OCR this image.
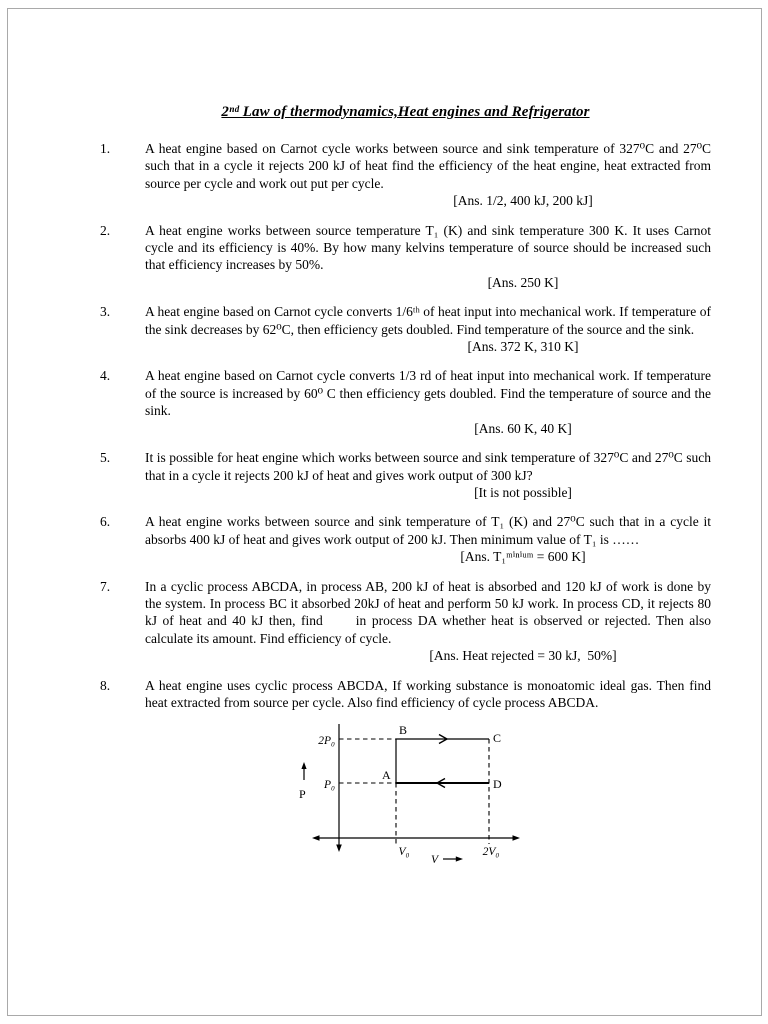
2ⁿᵈ Law of thermodynamics,Heat engines and Refrigerator
1.	A heat engine based on Carnot cycle works between source and sink temperature of 327⁰C and 27⁰C such that in a cycle it rejects 200 kJ of heat find the efficiency of the heat engine, heat extracted from source per cycle and work out put per cycle.
[Ans. 1/2, 400 kJ, 200 kJ]
2.	A heat engine works between source temperature T₁ (K) and sink temperature 300 K. It uses Carnot cycle and its efficiency is 40%. By how many kelvins temperature of source should be increased such that efficiency increases by 50%.
[Ans. 250 K]
3.	A heat engine based on Carnot cycle converts 1/6ᵗʰ of heat input into mechanical work. If temperature of the sink decreases by 62⁰C, then efficiency gets doubled. Find temperature of the source and the sink.
[Ans. 372 K, 310 K]
4.	A heat engine based on Carnot cycle converts 1/3 rd of heat input into mechanical work. If temperature of the source is increased by 60⁰ C then efficiency gets doubled. Find the temperature of source and the sink.
[Ans. 60 K, 40 K]
5.	It is possible for heat engine which works between source and sink temperature of 327⁰C and 27⁰C such that in a cycle it rejects 200 kJ of heat and gives work output of 300 kJ?
[It is not possible]
6.	A heat engine works between source and sink temperature of T₁ (K) and 27⁰C such that in a cycle it absorbs 400 kJ of heat and gives work output of 200 kJ. Then minimum value of T₁ is ……
[Ans. T₁ᵐⁱⁿⁱᵘᵐ = 600 K]
7.	In a cyclic process ABCDA, in process AB, 200 kJ of heat is absorbed and 120 kJ of work is done by the system. In process BC it absorbed 20kJ of heat and perform 50 kJ work. In process CD, it rejects 80 kJ of heat and 40 kJ then, find      in process DA whether heat is observed or rejected. Then also calculate its amount. Find efficiency of cycle.
[Ans. Heat rejected = 30 kJ,  50%]
8.	A heat engine uses cyclic process ABCDA, If working substance is monoatomic ideal gas. Then find heat extracted from source per cycle. Also find efficiency of cycle process ABCDA.
2P₀
P₀
P
B
C
A
D
V₀	2V₀
V
